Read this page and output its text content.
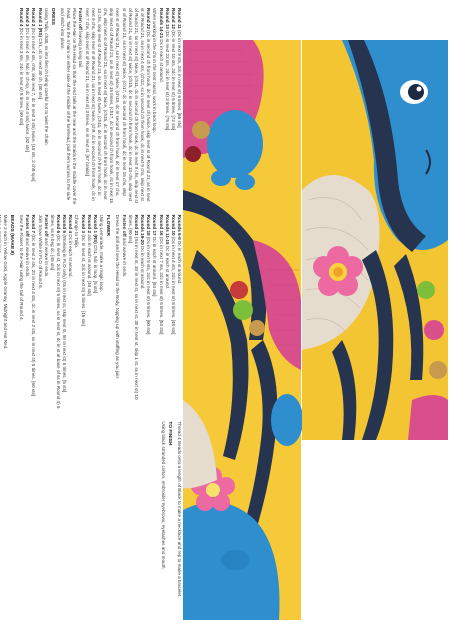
Round 11 (Dc in next 9 sts, 2dc in next st) 6 times. [66 sts]

Round 12 (Dc in next 10 sts, 2dc in next st) 6 times. [72 sts]

Round 13 (Dc in next 23 sts, 2dc in next st) 3 times. [75 sts]

Rounds 14-21 Dc in each st around.

When working in the chs in the next round, work in back loop.

Round 22 (Dc in second ch from hook, dc in next ch) twice, skip next st of Round 21, ss in next st of Round 21, ss in next 4 sts, (ch12, sc in second ch from hook, dc in next 9 chs, skip next st of Round 21, ss in next st) twice, (ch11, dc in second ch from hook, dc in next 9 chs, skip next st of Round 21, ss in next st) twice, (ch15, dc in second ch from hook, dc in next 13 chs, skip next st of Round 21, ss in next st) twice, (ch17, dc in second ch from hook, dc in next 15 chs, skip next st of Round 21, ss in next st) twice, (ch19, dc in second ch from hook, dc in next 17 chs, skip next st of Round 21, ss in next st) 15 times, (ch17, dc in second ch from hook, dc in next 15 chs, skip next st of Round 21, ss in next st) twice, (ch15, dc in second ch from hook, dc in next 13 chs, skip next st of Round 21, ss in next st) twice, (ch11, dc in second ch from hook, dc in next 9 chs, skip next st of Round 21, ss in next st) twice, (ch9, dc in second ch from hook, dc in next 7 chs, skip next st of Round 21, ss in next st) 3 times, ss in next st. [67 braids]

Fasten off leaving a long tail.

Place the Hair on the Head so that the end tails at the rear and the braids in the middle cover the head. Take the 4 hairs on either side of the middle of the forehead, pull them across to the side and stitch into place.

DRESS

Using Tulip, ch30, ss into first ch being careful not to twist the chain.

Round 1 (RS) Ch1, dc in next 30 ch. [30 sts]

Round 2 (Dc in next 4 sts, ch8, skip next 7, dc in next 4 sts) twice. [16 sts, 2 ch8-sps]

Round 3 (Dc in next 4 sts, 8dc in ch-sp, dc in next 4 sts) twice. [32 sts]

Round 4 (Dc in next 3 sts, 2dc in next st) 8 times. [40 sts]

Rounds 5-9 Dc in each st around.

Round 10 (Dc in next 4 sts, 2dc in next st) 8 times. [48 sts]

Rounds 11-15 Dc in each st around.

Round 16 (Dc in next 7 sts, 2dc in next st) 6 times. [54 sts]

Round 17 Dc in each st around. [54 sts]

Round 18 (Dc in next 8 sts, 2dc in next st) 6 times. [60 sts]

Rounds 19-20 Dc in each st around.

Round 21 (Ss in next st, 3tr in next st, ss in next st, 3tr in next st, skip 1 st, ss in next st) 10 times. [80 sts]

Fasten off and weave in ends.

Dress the doll and sew the Head to the Body, topping up with stuffing as you join.

FLOWER

Using Lemonade, make a magic loop.

Round 1 (RS) Ch1, 5dc in loop. [5 sts]

Round 2 2dc in each st around. [10 sts]

Round 3 (Dc in next st, 2dc in next st) 5 times. [15 sts]

Change to Tulip.

Round 4 Dc in each st around.

Round 5 (Working in FLO only) (Ss in next st, skip next st, 5tr in next st) 5 times. [5 sts]

Round 6 (Dc in next st, 2dc in next st) 5 times, ss in next st, dc in st at base of ss in Round 4) 5 times, ss in beg dc. [45 sts]

Fasten off and weave in ends.

Join Snow White in FLO of Round 6.

Round 7 (Dc in next 2 sts, 2tr in next 4 sts, dc in next 2 sts, ss in next st) 5 times. [60 sts]

Fasten off and weave in ends.

Sew the Flower to the Hair using the tail of Round 4.

BEADS (MAKE 8)

Make 2 each in Yellow Gold, Apple Granny, Midnight and Hot Red.

Thread 4 Beads onto a length of Black to make a necklace and rep to make a bracelet.

TO FINISH

Using black stranded cotton, embroider eyebrows, eyelashes and mouth.
